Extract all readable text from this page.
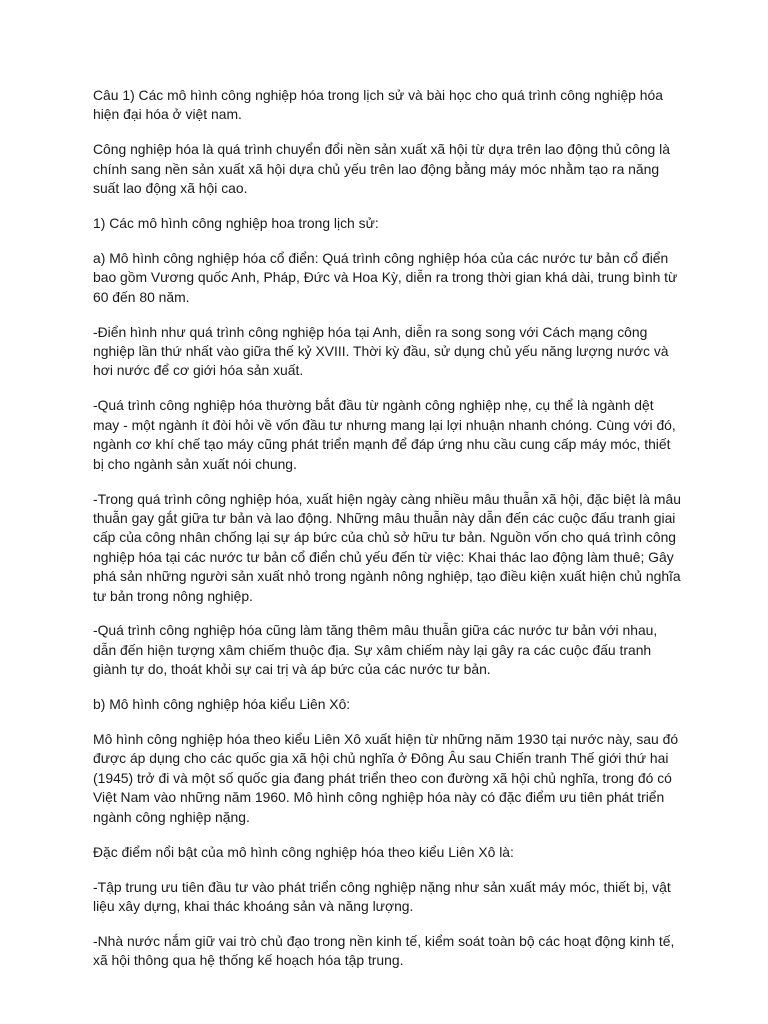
Câu 1) Các mô hình công nghiệp hóa trong lịch sử và bài học cho quá trình công nghiệp hóa hiện đại hóa ở việt nam.

Công nghiệp hóa là quá trình chuyển đổi nền sản xuất xã hội từ dựa trên lao động thủ công là chính sang nền sản xuất xã hội dựa chủ yếu trên lao động bằng máy móc nhằm tạo ra năng suất lao động xã hội cao.

1) Các mô hình công nghiệp hoa trong lịch sử:

a) Mô hình công nghiệp hóa cổ điển: Quá trình công nghiệp hóa của các nước tư bản cổ điển bao gồm Vương quốc Anh, Pháp, Đức và Hoa Kỳ, diễn ra trong thời gian khá dài, trung bình từ 60 đến 80 năm.

-Điển hình như quá trình công nghiệp hóa tại Anh, diễn ra song song với Cách mạng công nghiệp lần thứ nhất vào giữa thế kỷ XVIII. Thời kỳ đầu, sử dụng chủ yếu năng lượng nước và hơi nước để cơ giới hóa sản xuất.

-Quá trình công nghiệp hóa thường bắt đầu từ ngành công nghiệp nhẹ, cụ thể là ngành dệt may - một ngành ít đòi hỏi về vốn đầu tư nhưng mang lại lợi nhuận nhanh chóng. Cùng với đó, ngành cơ khí chế tạo máy cũng phát triển mạnh để đáp ứng nhu cầu cung cấp máy móc, thiết bị cho ngành sản xuất nói chung.

-Trong quá trình công nghiệp hóa, xuất hiện ngày càng nhiều mâu thuẫn xã hội, đặc biệt là mâu thuẫn gay gắt giữa tư bản và lao động. Những mâu thuẫn này dẫn đến các cuộc đấu tranh giai cấp của công nhân chống lại sự áp bức của chủ sở hữu tư bản. Nguồn vốn cho quá trình công nghiệp hóa tại các nước tư bản cổ điển chủ yếu đến từ việc: Khai thác lao động làm thuê; Gây phá sản những người sản xuất nhỏ trong ngành nông nghiệp, tạo điều kiện xuất hiện chủ nghĩa tư bản trong nông nghiệp.

-Quá trình công nghiệp hóa cũng làm tăng thêm mâu thuẫn giữa các nước tư bản với nhau, dẫn đến hiện tượng xâm chiếm thuộc địa. Sự xâm chiếm này lại gây ra các cuộc đấu tranh giành tự do, thoát khỏi sự cai trị và áp bức của các nước tư bản.

b) Mô hình công nghiệp hóa kiểu Liên Xô:

Mô hình công nghiệp hóa theo kiểu Liên Xô xuất hiện từ những năm 1930 tại nước này, sau đó được áp dụng cho các quốc gia xã hội chủ nghĩa ở Đông Âu sau Chiến tranh Thế giới thứ hai (1945) trở đi và một số quốc gia đang phát triển theo con đường xã hội chủ nghĩa, trong đó có Việt Nam vào những năm 1960. Mô hình công nghiệp hóa này có đặc điểm ưu tiên phát triển ngành công nghiệp nặng.

Đặc điểm nổi bật của mô hình công nghiệp hóa theo kiểu Liên Xô là:

-Tập trung ưu tiên đầu tư vào phát triển công nghiệp nặng như sản xuất máy móc, thiết bị, vật liệu xây dựng, khai thác khoáng sản và năng lượng.

-Nhà nước nắm giữ vai trò chủ đạo trong nền kinh tế, kiểm soát toàn bộ các hoạt động kinh tế, xã hội thông qua hệ thống kế hoạch hóa tập trung.
